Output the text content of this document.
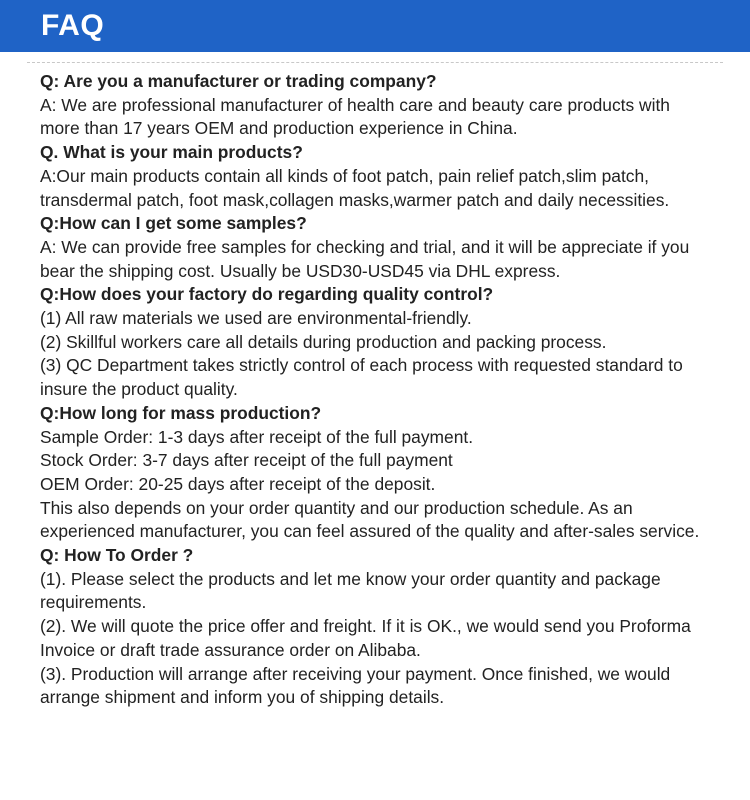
FAQ

Q: Are you a manufacturer or trading company?

A: We are professional manufacturer of health care and beauty care products with more than 17 years OEM and production experience in China.

Q. What is your main products?

A:Our main products contain all kinds of foot patch, pain relief patch,slim patch, transdermal patch, foot mask,collagen masks,warmer patch and daily necessities.

Q:How can I get some samples?

A: We can provide free samples for checking and trial, and it will be appreciate if you bear the shipping cost. Usually be USD30-USD45 via DHL express.

Q:How does your factory do regarding quality control?

(1) All raw materials we used are environmental-friendly.

(2) Skillful workers care all details during production and packing process.

(3) QC Department takes strictly control of each process with requested standard to insure the product quality.

Q:How long for mass production?

Sample Order: 1-3 days after receipt of the full payment.

Stock Order: 3-7 days after receipt of the full payment

OEM Order: 20-25 days after receipt of the deposit.

This also depends on your order quantity and our production schedule. As an experienced manufacturer, you can feel assured of the quality and after-sales service.

Q: How To Order ?

(1). Please select the products and let me know your order quantity and package requirements.

(2). We will quote the price offer and freight. If it is OK., we would send you Proforma Invoice or draft trade assurance order on Alibaba.

(3). Production will arrange after receiving your payment. Once finished, we would arrange shipment and inform you of shipping details.
